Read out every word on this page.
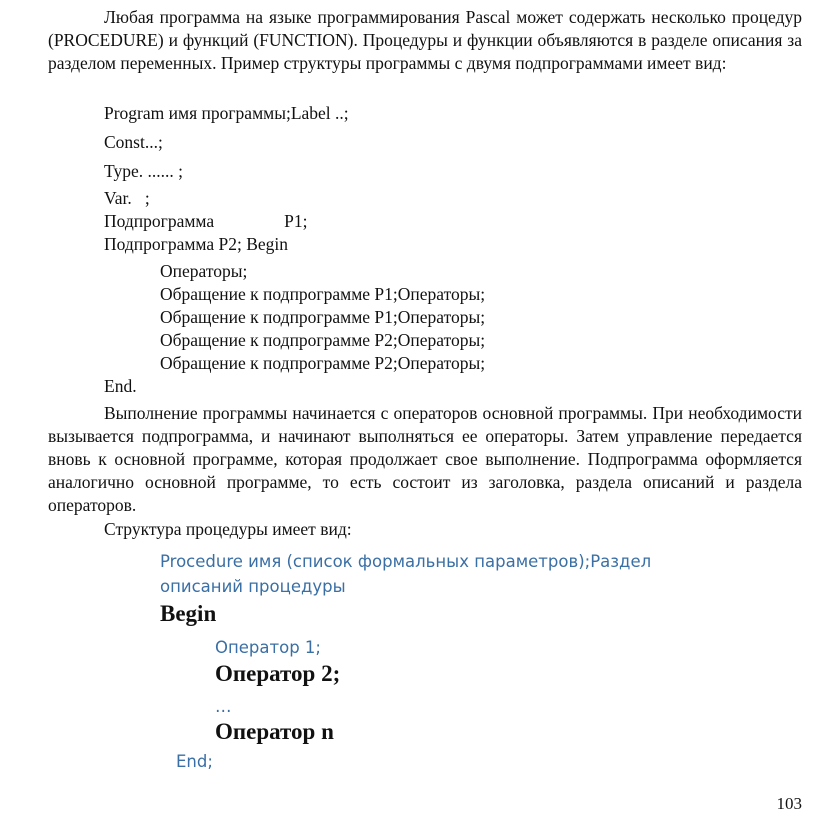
Любая программа на языке программирования Pascal может содержать несколько процедур (PROCEDURE) и функций (FUNCTION). Процедуры и функции объявляются в разделе описания за разделом переменных. Пример структуры программы с двумя подпрограммами имеет вид:

Program имя программы;Label ..;

Const...;

Type. ...... ;

Var.   ;

Подпрограмма                P1;

Подпрограмма P2; Begin

Операторы;

Обращение к подпрограмме P1;Операторы;

Обращение к подпрограмме P1;Операторы;

Обращение к подпрограмме P2;Операторы;

Обращение к подпрограмме P2;Операторы;

End.

Выполнение программы начинается с операторов основной программы. При необходимости вызывается подпрограмма, и начинают выполняться ее операторы. Затем управление передается вновь к основной программе, которая продолжает свое выполнение. Подпрограмма оформляется аналогично основной программе, то есть состоит из заголовка, раздела описаний и раздела операторов.

Структура процедуры имеет вид:

Procedure имя (список формальных параметров);Раздел

описаний процедуры

Begin

Оператор 1;

Оператор 2;

…

Оператор n

End;

103
